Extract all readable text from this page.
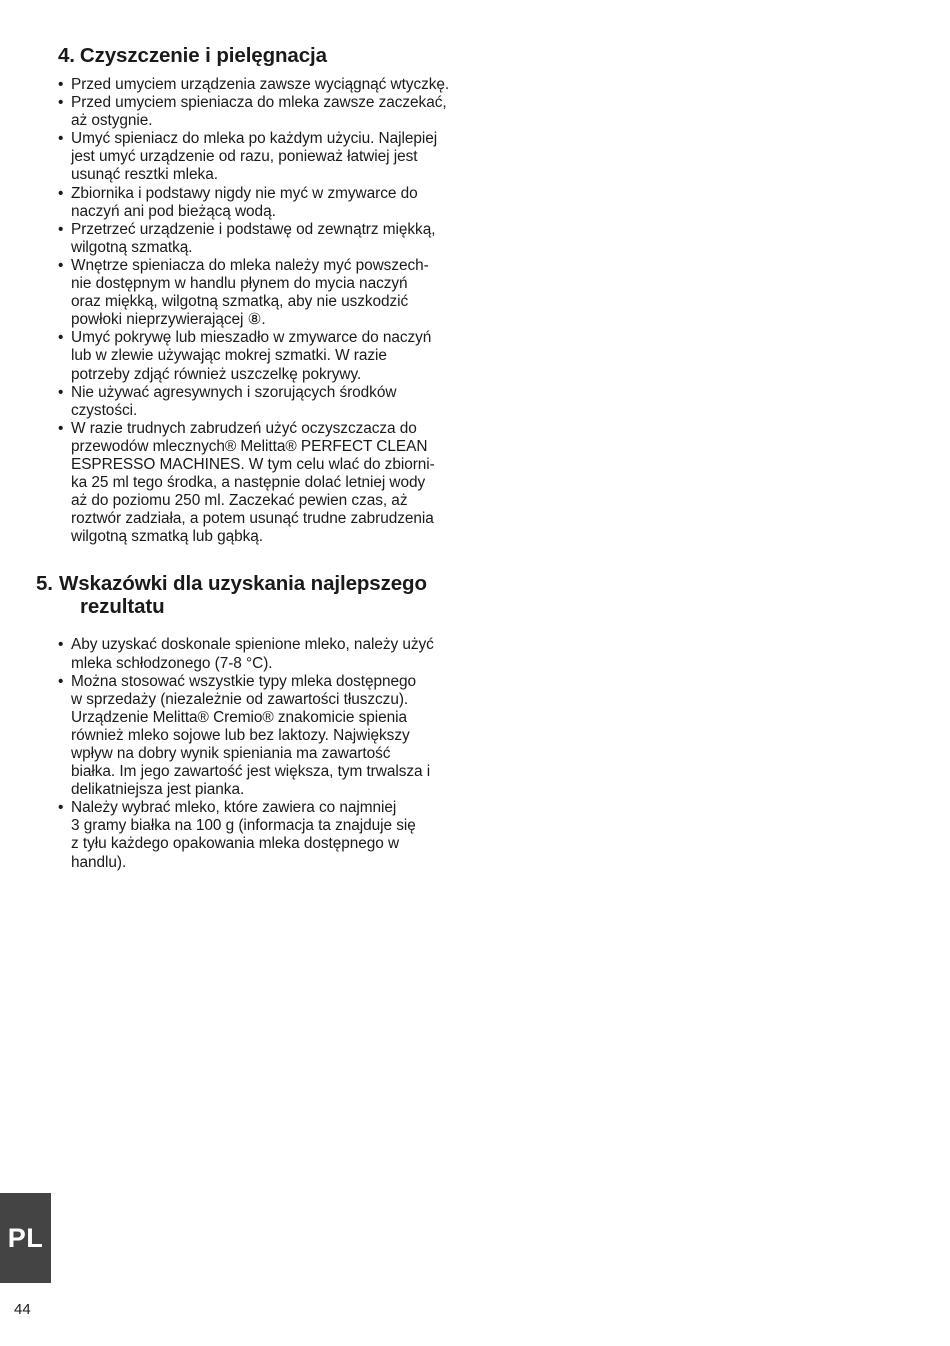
4. Czyszczenie i pielęgnacja
• Przed umyciem urządzenia zawsze wyciągnąć wtyczkę.
• Przed umyciem spieniacza do mleka zawsze zaczekać,
aż ostygnie.
• Umyć spieniacz do mleka po każdym użyciu. Najlepiej
jest umyć urządzenie od razu, ponieważ łatwiej jest
usunąć resztki mleka.
• Zbiornika i podstawy nigdy nie myć w zmywarce do
naczyń ani pod bieżącą wodą.
• Przetrzeć urządzenie i podstawę od zewnątrz miękką,
wilgotną szmatką.
• Wnętrze spieniacza do mleka należy myć powszech-
nie dostępnym w handlu płynem do mycia naczyń
oraz miękką, wilgotną szmatką, aby nie uszkodzić
powłoki nieprzywierającej ⑧.
• Umyć pokrywę lub mieszadło w zmywarce do naczyń
lub w zlewie używając mokrej szmatki. W razie
potrzeby zdjąć również uszczelkę pokrywy.
• Nie używać agresywnych i szorujących środków
czystości.
• W razie trudnych zabrudzeń użyć oczyszczacza do
przewodów mlecznych® Melitta® PERFECT CLEAN
ESPRESSO MACHINES. W tym celu wlać do zbiorni-
ka 25 ml tego środka, a następnie dolać letniej wody
aż do poziomu 250 ml. Zaczekać pewien czas, aż
roztwór zadziała, a potem usunąć trudne zabrudzenia
wilgotną szmatką lub gąbką.
5. Wskazówki dla uzyskania najlepszego rezultatu
• Aby uzyskać doskonale spienione mleko, należy użyć
mleka schłodzonego (7-8 °C).
• Można stosować wszystkie typy mleka dostępnego
w sprzedaży (niezależnie od zawartości tłuszczu).
Urządzenie Melitta® Cremio® znakomicie spienia
również mleko sojowe lub bez laktozy. Największy
wpływ na dobry wynik spieniania ma zawartość
białka. Im jego zawartość jest większa, tym trwalsza i
delikatniejsza jest pianka.
• Należy wybrać mleko, które zawiera co najmniej
3 gramy białka na 100 g (informacja ta znajduje się
z tyłu każdego opakowania mleka dostępnego w
handlu).
PL
44
